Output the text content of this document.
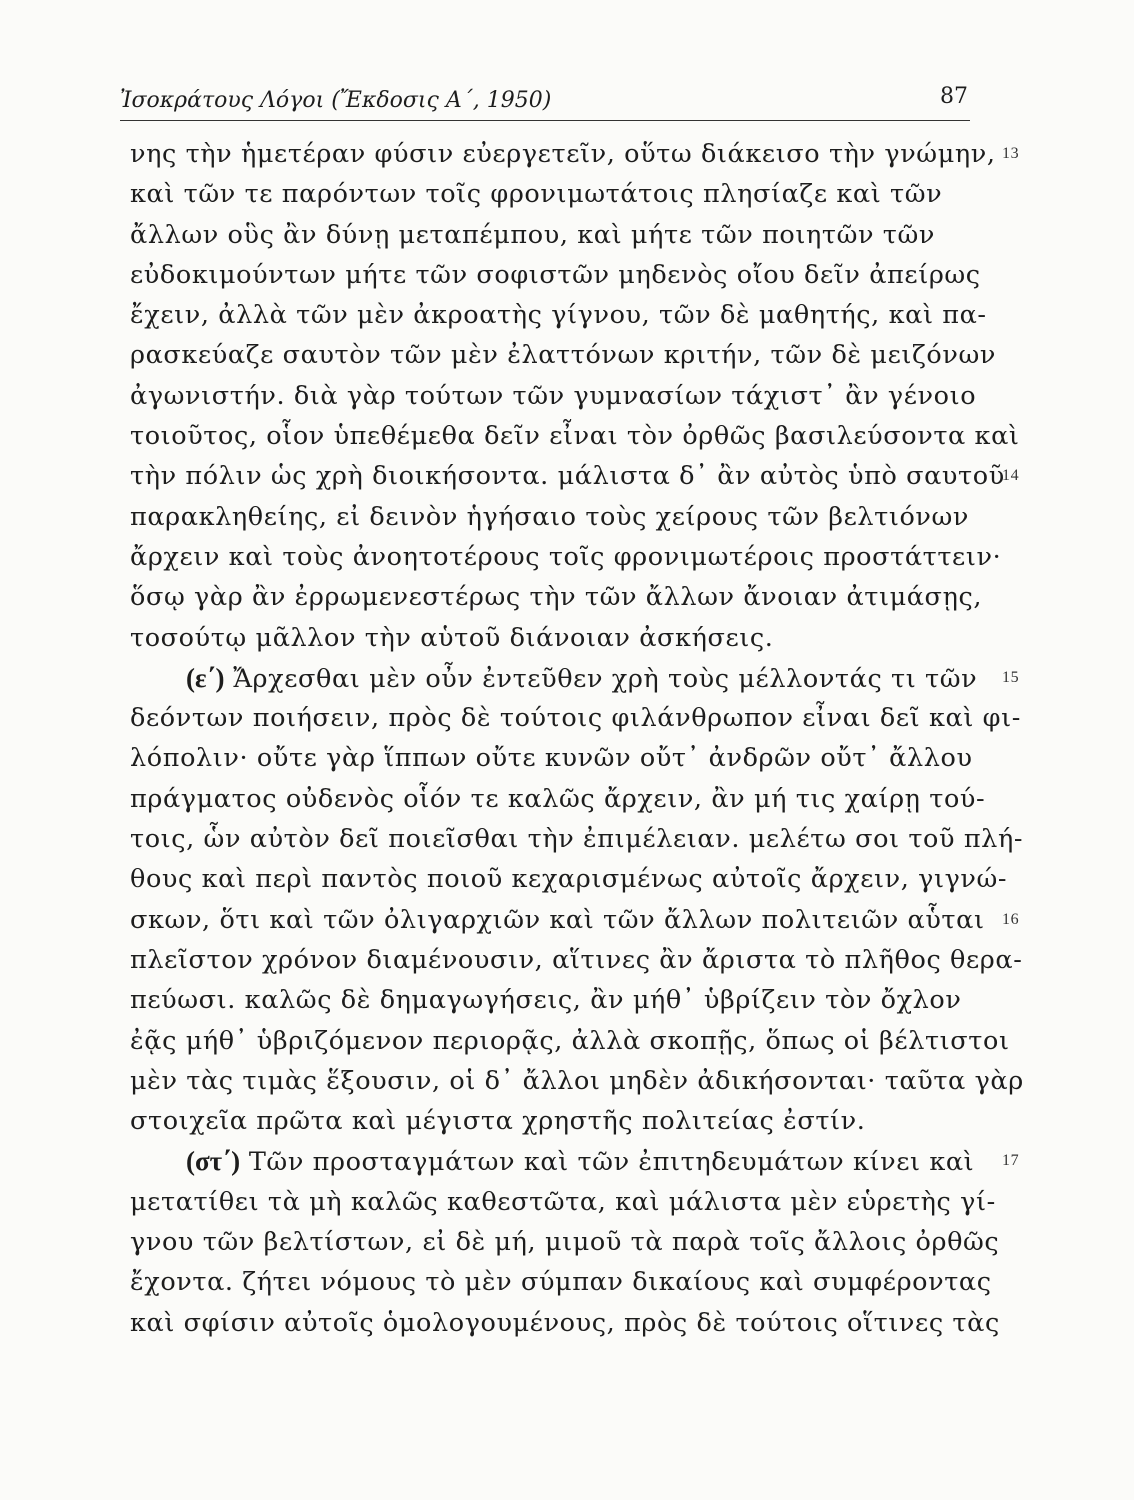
Ἰσοκράτους Λόγοι (Ἔκδοσις Α΄, 1950)	87
νης τὴν ἡμετέραν φύσιν εὐεργετεῖν, οὕτω διάκεισο τὴν γνώμην, 13
καὶ τῶν τε παρόντων τοῖς φρονιμωτάτοις πλησίαζε καὶ τῶν
ἄλλων οὓς ἂν δύνῃ μεταπέμπου, καὶ μήτε τῶν ποιητῶν τῶν
εὐδοκιμούντων μήτε τῶν σοφιστῶν μηδενὸς οἴου δεῖν ἀπείρως
ἔχειν, ἀλλὰ τῶν μὲν ἀκροατὴς γίγνου, τῶν δὲ μαθητής, καὶ πα-
ρασκεύαζε σαυτὸν τῶν μὲν ἐλαττόνων κριτήν, τῶν δὲ μειζόνων
ἀγωνιστήν. διὰ γὰρ τούτων τῶν γυμνασίων τάχιστ᾽ ἂν γένοιο
τοιοῦτος, οἷον ὑπεθέμεθα δεῖν εἶναι τὸν ὀρθῶς βασιλεύσοντα καὶ
τὴν πόλιν ὡς χρὴ διοικήσοντα. μάλιστα δ᾽ ἂν αὐτὸς ὑπὸ σαυτοῦ
14
παρακληθείης, εἰ δεινὸν ἡγήσαιο τοὺς χείρους τῶν βελτιόνων
ἄρχειν καὶ τοὺς ἀνοητοτέρους τοῖς φρονιμωτέροις προστάττειν·
ὅσῳ γὰρ ἂν ἐρρωμενεστέρως τὴν τῶν ἄλλων ἄνοιαν ἀτιμάσῃς,
τοσούτῳ μᾶλλον τὴν αὑτοῦ διάνοιαν ἀσκήσεις.
(ε΄) Ἄρχεσθαι μὲν οὖν ἐντεῦθεν χρὴ τοὺς μέλλοντάς τι τῶν 15
δεόντων ποιήσειν, πρὸς δὲ τούτοις φιλάνθρωπον εἶναι δεῖ καὶ φι-
λόπολιν· οὔτε γὰρ ἵππων οὔτε κυνῶν οὔτ᾽ ἀνδρῶν οὔτ᾽ ἄλλου
πράγματος οὐδενὸς οἷόν τε καλῶς ἄρχειν, ἂν μή τις χαίρῃ τού-
τοις, ὧν αὐτὸν δεῖ ποιεῖσθαι τὴν ἐπιμέλειαν. μελέτω σοι τοῦ πλή-
θους καὶ περὶ παντὸς ποιοῦ κεχαρισμένως αὐτοῖς ἄρχειν, γιγνώ-
σκων, ὅτι καὶ τῶν ὀλιγαρχιῶν καὶ τῶν ἄλλων πολιτειῶν αὗται 16
πλεῖστον χρόνον διαμένουσιν, αἵτινες ἂν ἄριστα τὸ πλῆθος θερα-
πεύωσι. καλῶς δὲ δημαγωγήσεις, ἂν μήθ᾽ ὑβρίζειν τὸν ὄχλον
ἐᾷς μήθ᾽ ὑβριζόμενον περιορᾷς, ἀλλὰ σκοπῇς, ὅπως οἱ βέλτιστοι
μὲν τὰς τιμὰς ἕξουσιν, οἱ δ᾽ ἄλλοι μηδὲν ἀδικήσονται· ταῦτα γὰρ
στοιχεῖα πρῶτα καὶ μέγιστα χρηστῆς πολιτείας ἐστίν.
(στ΄) Τῶν προσταγμάτων καὶ τῶν ἐπιτηδευμάτων κίνει καὶ 17
μετατίθει τὰ μὴ καλῶς καθεστῶτα, καὶ μάλιστα μὲν εὑρετὴς γί-
γνου τῶν βελτίστων, εἰ δὲ μή, μιμοῦ τὰ παρὰ τοῖς ἄλλοις ὀρθῶς
ἔχοντα. ζήτει νόμους τὸ μὲν σύμπαν δικαίους καὶ συμφέροντας
καὶ σφίσιν αὐτοῖς ὁμολογουμένους, πρὸς δὲ τούτοις οἵτινες τὰς
